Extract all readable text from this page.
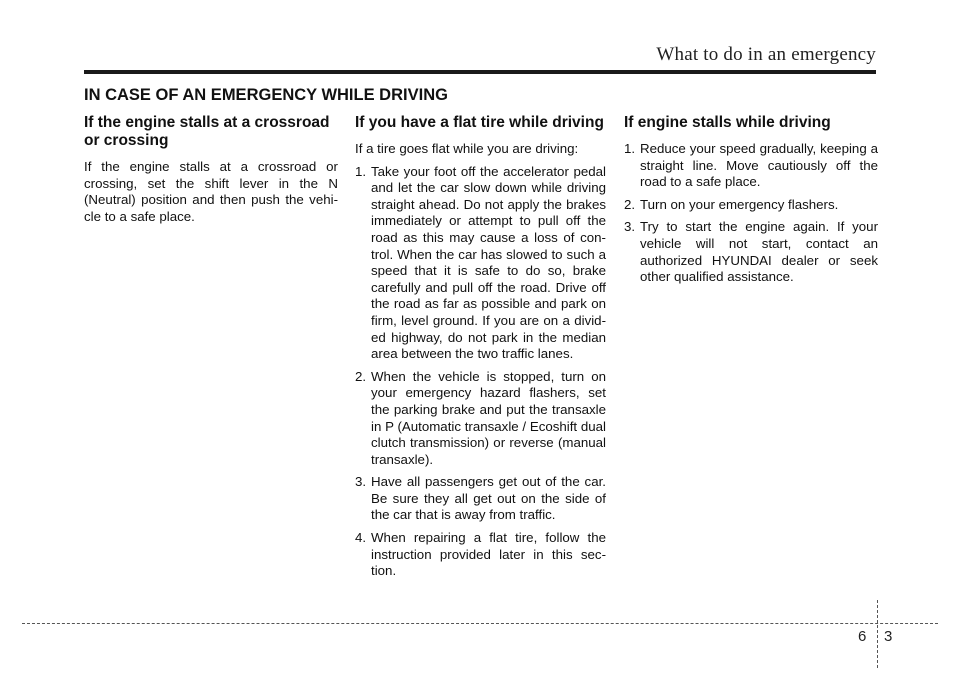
What to do in an emergency
IN CASE OF AN EMERGENCY WHILE DRIVING
If the engine stalls at a crossroad or crossing

If the engine stalls at a crossroad or crossing, set the shift lever in the N (Neutral) position and then push the vehi-cle to a safe place.

If you have a flat tire while driving

If a tire goes flat while you are driving:

1. Take your foot off the accelerator pedal and let the car slow down while driving straight ahead. Do not apply the brakes immediately or attempt to pull off the road as this may cause a loss of con-trol. When the car has slowed to such a speed that it is safe to do so, brake carefully and pull off the road. Drive off the road as far as possible and park on firm, level ground. If you are on a divid-ed highway, do not park in the median area between the two traffic lanes.
2. When the vehicle is stopped, turn on your emergency hazard flashers, set the parking brake and put the transaxle in P (Automatic transaxle / Ecoshift dual clutch transmission) or reverse (manual transaxle).
3. Have all passengers get out of the car. Be sure they all get out on the side of the car that is away from traffic.
4. When repairing a flat tire, follow the instruction provided later in this sec-tion.
If engine stalls while driving
1. Reduce your speed gradually, keeping a straight line. Move cautiously off the road to a safe place.
2. Turn on your emergency flashers.
3. Try to start the engine again. If your vehicle will not start, contact an authorized HYUNDAI dealer or seek other qualified assistance.
6 3
